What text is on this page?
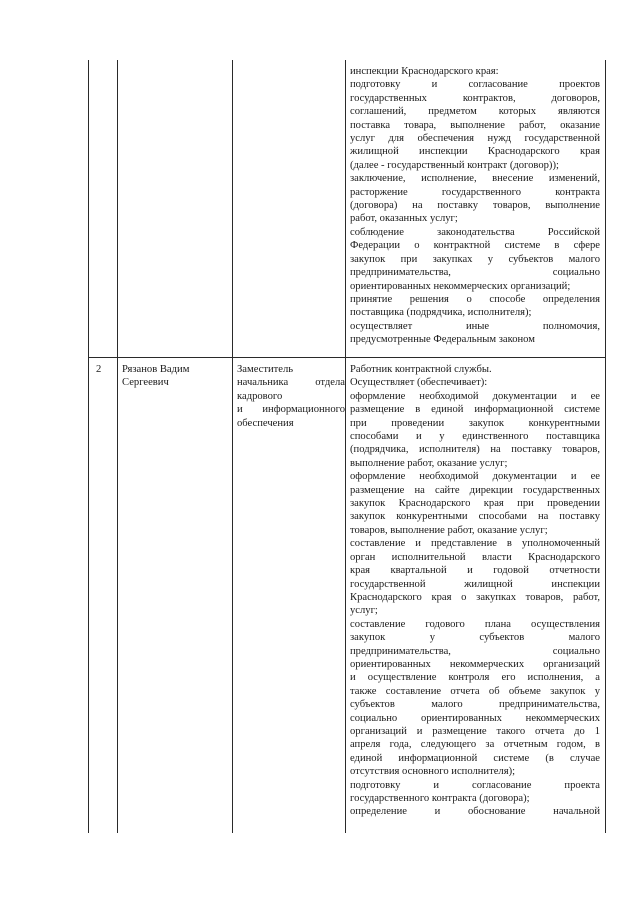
инспекции Краснодарского края:
подготовку и согласование проектов
государственных контрактов, договоров,
соглашений, предметом которых являются
поставка товара, выполнение работ, оказание
услуг для обеспечения нужд государственной
жилищной инспекции Краснодарского края
(далее - государственный контракт (договор));
заключение, исполнение, внесение изменений,
расторжение государственного контракта
(договора) на поставку товаров, выполнение
работ, оказанных услуг;
соблюдение законодательства Российской
Федерации о контрактной системе в сфере
закупок при закупках у субъектов малого
предпринимательства, социально
ориентированных некоммерческих организаций;
принятие решения о способе определения
поставщика (подрядчика, исполнителя);
осуществляет иные полномочия,
предусмотренные Федеральным законом
2	Рязанов Вадим
Сергеевич
Заместитель
начальника отдела
кадрового
и информационного
обеспечения
Работник контрактной службы.
Осуществляет (обеспечивает):
оформление необходимой документации и ее
размещение в единой информационной системе
при проведении закупок конкурентными
способами и у единственного поставщика
(подрядчика, исполнителя) на поставку товаров,
выполнение работ, оказание услуг;
оформление необходимой документации и ее
размещение на сайте дирекции государственных
закупок Краснодарского края при проведении
закупок конкурентными способами на поставку
товаров, выполнение работ, оказание услуг;
составление и представление в уполномоченный
орган исполнительной власти Краснодарского
края квартальной и годовой отчетности
государственной жилищной инспекции
Краснодарского края о закупках товаров, работ,
услуг;
составление годового плана осуществления
закупок у субъектов малого
предпринимательства, социально
ориентированных некоммерческих организаций
и осуществление контроля его исполнения, а
также составление отчета об объеме закупок у
субъектов малого предпринимательства,
социально ориентированных некоммерческих
организаций и размещение такого отчета до 1
апреля года, следующего за отчетным годом, в
единой информационной системе (в случае
отсутствия основного исполнителя);
подготовку и согласование проекта
государственного контракта (договора);
определение и обоснование начальной
